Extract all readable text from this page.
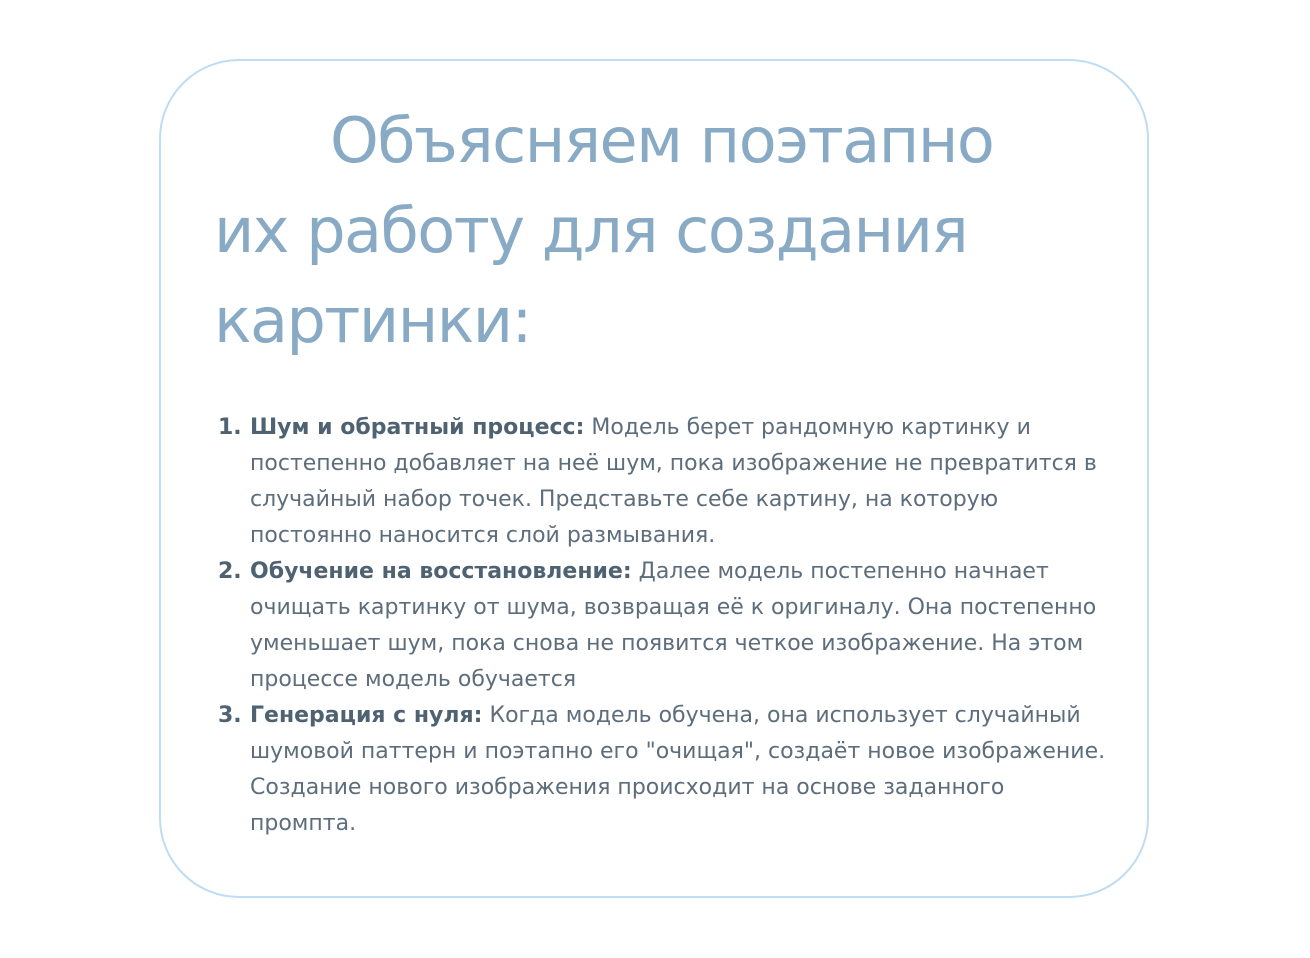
Объясняем поэтапно их работу для создания картинки:
1. Шум и обратный процесс: Модель берет рандомную картинку и постепенно добавляет на неё шум, пока изображение не превратится в случайный набор точек. Представьте себе картину, на которую постоянно наносится слой размывания.
2. Обучение на восстановление: Далее модель постепенно начнает очищать картинку от шума, возвращая её к оригиналу. Она постепенно уменьшает шум, пока снова не появится четкое изображение. На этом процессе модель обучается
3. Генерация с нуля: Когда модель обучена, она использует случайный шумовой паттерн и поэтапно его "очищая", создаёт новое изображение. Создание нового изображения происходит на основе заданного промпта.
